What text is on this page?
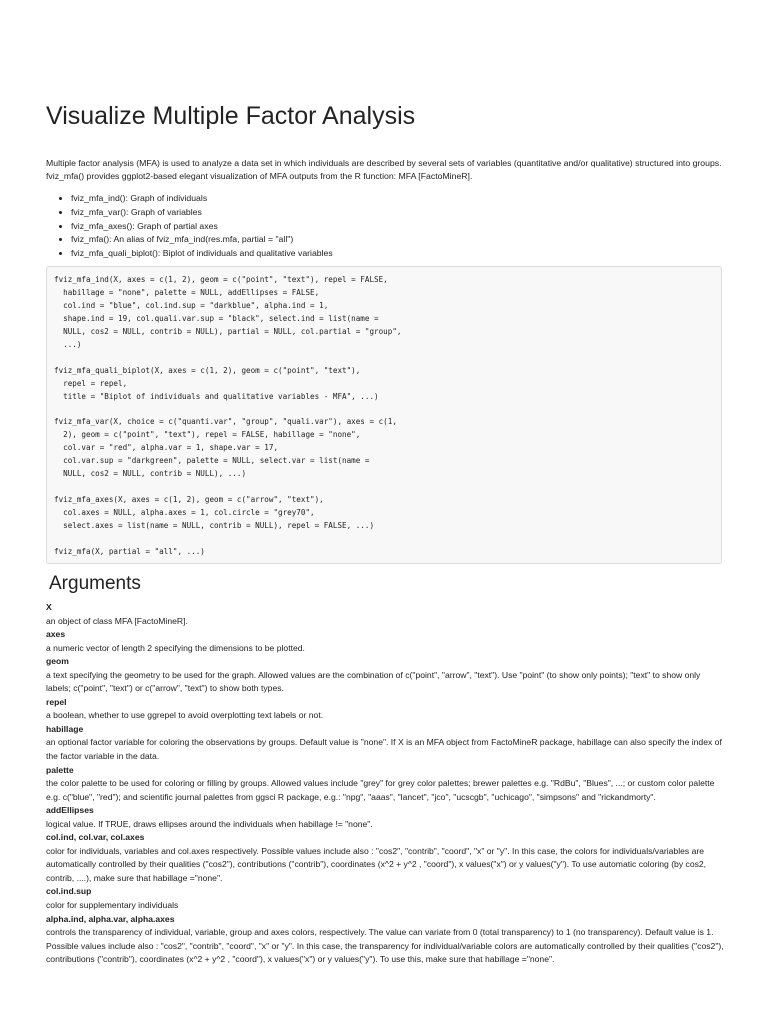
Visualize Multiple Factor Analysis

Multiple factor analysis (MFA) is used to analyze a data set in which individuals are described by several sets of variables (quantitative and/or qualitative) structured into groups. fviz_mfa() provides ggplot2-based elegant visualization of MFA outputs from the R function: MFA [FactoMineR].

• fviz_mfa_ind(): Graph of individuals
• fviz_mfa_var(): Graph of variables
• fviz_mfa_axes(): Graph of partial axes
• fviz_mfa(): An alias of fviz_mfa_ind(res.mfa, partial = "all")
• fviz_mfa_quali_biplot(): Biplot of individuals and qualitative variables
fviz_mfa_ind(X, axes = c(1, 2), geom = c("point", "text"), repel = FALSE,
habillage = "none", palette = NULL, addEllipses = FALSE,
col.ind = "blue", col.ind.sup = "darkblue", alpha.ind = 1,
shape.ind = 19, col.quali.var.sup = "black", select.ind = list(name =
NULL, cos2 = NULL, contrib = NULL), partial = NULL, col.partial = "group",
...)

fviz_mfa_quali_biplot(X, axes = c(1, 2), geom = c("point", "text"),
repel = repel,
title = "Biplot of individuals and qualitative variables - MFA", ...)

fviz_mfa_var(X, choice = c("quanti.var", "group", "quali.var"), axes = c(1,
2), geom = c("point", "text"), repel = FALSE, habillage = "none",
col.var = "red", alpha.var = 1, shape.var = 17,
col.var.sup = "darkgreen", palette = NULL, select.var = list(name =
NULL, cos2 = NULL, contrib = NULL), ...)

fviz_mfa_axes(X, axes = c(1, 2), geom = c("arrow", "text"),
col.axes = NULL, alpha.axes = 1, col.circle = "grey70",
select.axes = list(name = NULL, contrib = NULL), repel = FALSE, ...)

fviz_mfa(X, partial = "all", ...)
Arguments
X
an object of class MFA [FactoMineR].
axes
a numeric vector of length 2 specifying the dimensions to be plotted.
geom
a text specifying the geometry to be used for the graph. Allowed values are the combination of c("point", "arrow", "text"). Use "point" (to show only points); "text" to show only labels; c("point", "text") or c("arrow", "text") to show both types.
repel
a boolean, whether to use ggrepel to avoid overplotting text labels or not.
habillage
an optional factor variable for coloring the observations by groups. Default value is "none". If X is an MFA object from FactoMineR package, habillage can also specify the index of the factor variable in the data.
palette
the color palette to be used for coloring or filling by groups. Allowed values include "grey" for grey color palettes; brewer palettes e.g. "RdBu", "Blues", ...; or custom color palette e.g. c("blue", "red"); and scientific journal palettes from ggsci R package, e.g.: "npg", "aaas", "lancet", "jco", "ucscgb", "uchicago", "simpsons" and "rickandmorty".
addEllipses
logical value. If TRUE, draws ellipses around the individuals when habillage != "none".
col.ind, col.var, col.axes
color for individuals, variables and col.axes respectively. Possible values include also : "cos2", "contrib", "coord", "x" or "y". In this case, the colors for individuals/variables are automatically controlled by their qualities ("cos2"), contributions ("contrib"), coordinates (x^2 + y^2 , "coord"), x values("x") or y values("y"). To use automatic coloring (by cos2, contrib, ....), make sure that habillage ="none".
col.ind.sup
color for supplementary individuals
alpha.ind, alpha.var, alpha.axes
controls the transparency of individual, variable, group and axes colors, respectively. The value can variate from 0 (total transparency) to 1 (no transparency). Default value is 1. Possible values include also : "cos2", "contrib", "coord", "x" or "y". In this case, the transparency for individual/variable colors are automatically controlled by their qualities ("cos2"), contributions ("contrib"), coordinates (x^2 + y^2 , "coord"), x values("x") or y values("y"). To use this, make sure that habillage ="none".
